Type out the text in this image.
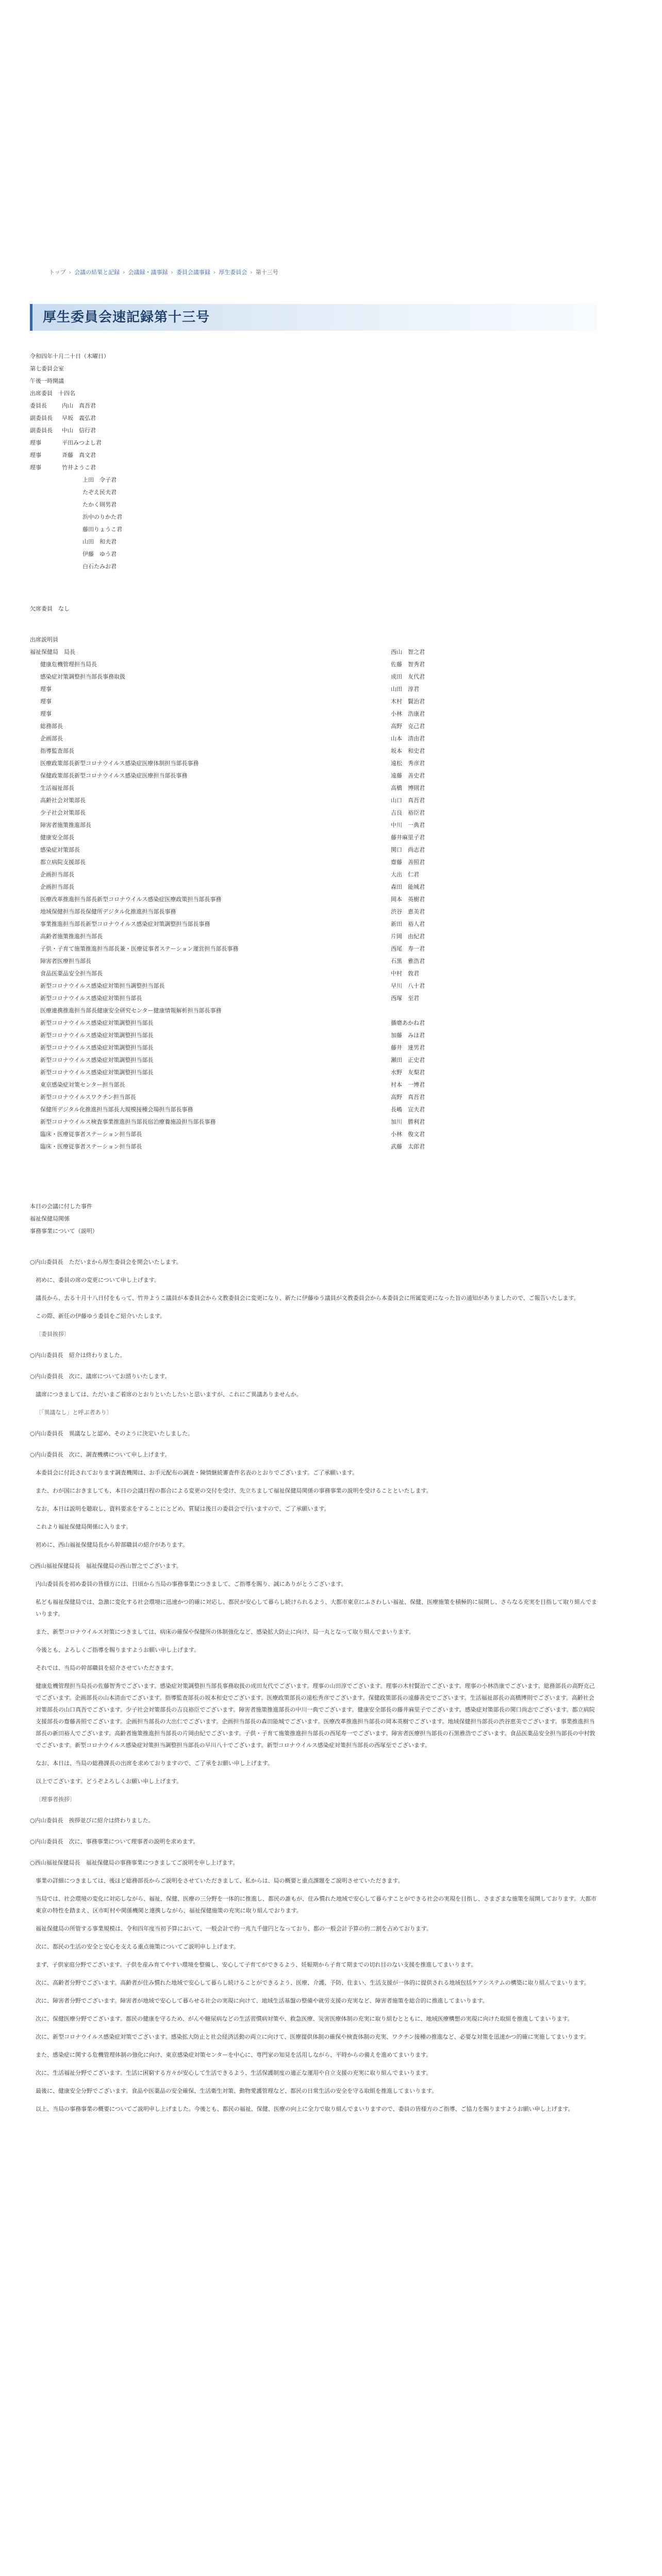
トップ › 会議の結果と記録 › 会議録・議事録 › 委員会議事録 › 厚生委員会 › 第十三号
厚生委員会速記録第十三号
令和四年十月二十日（木曜日）
第七委員会室
午後一時開議
出席委員　十四名
委員長	内山　真吾君
副委員長	早坂　義弘君
副委員長	中山　信行君
理事	平田みつよし君
理事	斉藤　真文君
理事	竹井ようこ君
上田　令子君
たぞえ民夫君
たかく則男君
浜中のりかた君
藤田りょうこ君
山田　和夫君
伊藤　ゆう君
白石たみお君
欠席委員　なし
出席説明員
福祉保健局　局長	西山　智之君
健康危機管理担当局長	佐藤　智秀君
感染症対策調整担当部長事務取扱	成田　友代君
理事	山田　淳君
理事	木村　賢治君
理事	小林　浩康君
総務部長	高野　克己君
企画部長	山本　清由君
指導監査部長	坂本　和史君
医療政策部長新型コロナウイルス感染症医療体制担当部長事務	遠松　秀彦君
保健政策部長新型コロナウイルス感染症医療担当部長事務	遠藤　善史君
生活福祉部長	高橋　博則君
高齢社会対策部長	山口　真吾君
少子社会対策部長	吉良　裕臣君
障害者施策推進部長	中川　一典君
健康安全部長	藤井麻里子君
感染症対策部長	関口　尚志君
都立病院支援部長	齋藤　善照君
企画担当部長	大出　仁君
企画担当部長	森田　能城君
医療改革推進担当部長新型コロナウイルス感染症医療政策担当部長事務	岡本　英樹君
地域保健担当部長保健所デジタル化推進担当部長事務	渋谷　恵美君
事業推進担当部長新型コロナウイルス感染症対策調整担当部長事務	新田　裕人君
高齢者施策推進担当部長	片岡　由紀君
子供・子育て施策推進担当部長兼・医療従事者ステーション運営担当部長事務	西尾　寿一君
障害者医療担当部長	石黒　雅浩君
食品医薬品安全担当部長	中村　敦君
新型コロナウイルス感染症対策担当調整担当部長	早川　八十君
新型コロナウイルス感染症対策担当部長	西塚　至君
医療連携推進担当部長健康安全研究センター健康情報解析担当部長事務
新型コロナウイルス感染症対策調整担当部長	播磨あかね君
新型コロナウイルス感染症対策調整担当部長	加藤　みほ君
新型コロナウイルス感染症対策調整担当部長	藤井　達男君
新型コロナウイルス感染症対策調整担当部長	瀬田　正史君
新型コロナウイルス感染症対策調整担当部長	水野　友梨君
東京感染症対策センター担当部長	村本　一博君
新型コロナウイルスワクチン担当部長	高野　真吾君
保健所デジタル化推進担当部長大規模接種会場担当部長事務	長嶋　宣夫君
新型コロナウイルス検査事業推進担当部長宿泊療養施設担当部長事務	加川　勝利君
臨床・医療従事者ステーション担当部長	小林　俊文君
臨床・医療従事者ステーション担当部長	武藤　太郎君
本日の会議に付した事件
福祉保健局関係
事務事業について（説明）

○内山委員長　ただいまから厚生委員会を開会いたします。

初めに、委員の席の変更について申し上げます。

議長から、去る十月十八日付をもって、竹井ようこ議員が本委員会から文教委員会に変更になり、新たに伊藤ゆう議員が文教委員会から本委員会に所属変更になった旨の通知がありましたので、ご報告いたします。

この際、新任の伊藤ゆう委員をご紹介いたします。

〔委員挨拶〕

○内山委員長　紹介は終わりました。

○内山委員長　次に、議席についてお諮りいたします。

議席につきましては、ただいまご着席のとおりといたしたいと思いますが、これにご異議ありませんか。

〔「異議なし」と呼ぶ者あり〕

○内山委員長　異議なしと認め、そのように決定いたしました。

○内山委員長　次に、調査機構について申し上げます。

本委員会に付託されております調査機関は、お手元配布の調査・陳情継続審査件名表のとおりでございます。ご了承願います。

また、わが国におきましても、本日の会議日程の都合による変更の交付を受け、先立ちまして福祉保健局関係の事務事業の説明を受けることといたします。

なお、本日は説明を聴取し、資料要求をすることにとどめ、質疑は後日の委員会で行いますので、ご了承願います。

これより福祉保健局関係に入ります。

初めに、西山福祉保健局長から幹部職員の紹介があります。

○西山福祉保健局長　福祉保健局の西山智之でございます。

内山委員長を初め委員の皆様方には、日頃から当局の事務事業につきまして、ご指導を賜り、誠にありがとうございます。

私ども福祉保健局では、急激に変化する社会環境に迅速かつ的確に対応し、都民が安心して暮らし続けられるよう、大都市東京にふさわしい福祉、保健、医療施策を積極的に展開し、さらなる充実を目指して取り組んでまいります。

また、新型コロナウイルス対策につきましては、病床の確保や保健所の体制強化など、感染拡大防止に向け、局一丸となって取り組んでまいります。

今後とも、よろしくご指導を賜りますようお願い申し上げます。

それでは、当局の幹部職員を紹介させていただきます。

健康危機管理担当局長の佐藤智秀でございます。感染症対策調整担当部長事務取扱の成田友代でございます。理事の山田淳でございます。理事の木村賢治でございます。理事の小林浩康でございます。総務部長の高野克己でございます。企画部長の山本清由でございます。指導監査部長の坂本和史でございます。医療政策部長の遠松秀彦でございます。保健政策部長の遠藤善史でございます。生活福祉部長の高橋博則でございます。高齢社会対策部長の山口真吾でございます。少子社会対策部長の吉良裕臣でございます。障害者施策推進部長の中川一典でございます。健康安全部長の藤井麻里子でございます。感染症対策部長の関口尚志でございます。都立病院支援部長の齋藤善照でございます。企画担当部長の大出仁でございます。企画担当部長の森田能城でございます。医療改革推進担当部長の岡本英樹でございます。地域保健担当部長の渋谷恵美でございます。事業推進担当部長の新田裕人でございます。高齢者施策推進担当部長の片岡由紀でございます。子供・子育て施策推進担当部長の西尾寿一でございます。障害者医療担当部長の石黒雅浩でございます。食品医薬品安全担当部長の中村敦でございます。新型コロナウイルス感染症対策担当調整担当部長の早川八十でございます。新型コロナウイルス感染症対策担当部長の西塚至でございます。

なお、本日は、当局の総務課長の出席を求めておりますので、ご了承をお願い申し上げます。

以上でございます。どうぞよろしくお願い申し上げます。

〔理事者挨拶〕

○内山委員長　挨拶並びに紹介は終わりました。

○内山委員長　次に、事務事業について理事者の説明を求めます。

○西山福祉保健局長　福祉保健局の事務事業につきましてご説明を申し上げます。

事業の詳細につきましては、後ほど総務部長からご説明をさせていただきまして、私からは、局の概要と重点課題をご説明させていただきます。

当局では、社会環境の変化に対応しながら、福祉、保健、医療の三分野を一体的に推進し、都民の誰もが、住み慣れた地域で安心して暮らすことができる社会の実現を目指し、さまざまな施策を展開しております。大都市東京の特性を踏まえ、区市町村や関係機関と連携しながら、福祉保健施策の充実に取り組んでおります。

福祉保健局の所管する事業規模は、令和四年度当初予算において、一般会計で約一兆九千億円となっており、都の一般会計予算の約二割を占めております。

次に、都民の生活の安全と安心を支える重点施策についてご説明申し上げます。

まず、子供家庭分野でございます。子供を産み育てやすい環境を整備し、安心して子育てができるよう、妊娠期から子育て期までの切れ目のない支援を推進してまいります。

次に、高齢者分野でございます。高齢者が住み慣れた地域で安心して暮らし続けることができるよう、医療、介護、予防、住まい、生活支援が一体的に提供される地域包括ケアシステムの構築に取り組んでまいります。

次に、障害者分野でございます。障害者が地域で安心して暮らせる社会の実現に向けて、地域生活基盤の整備や就労支援の充実など、障害者施策を総合的に推進してまいります。

次に、保健医療分野でございます。都民の健康を守るため、がんや糖尿病などの生活習慣病対策や、救急医療、災害医療体制の充実に取り組むとともに、地域医療構想の実現に向けた取組を推進してまいります。

次に、新型コロナウイルス感染症対策でございます。感染拡大防止と社会経済活動の両立に向けて、医療提供体制の確保や検査体制の充実、ワクチン接種の推進など、必要な対策を迅速かつ的確に実施してまいります。

また、感染症に関する危機管理体制の強化に向け、東京感染症対策センターを中心に、専門家の知見を活用しながら、平時からの備えを進めてまいります。

次に、生活福祉分野でございます。生活に困窮する方々が安心して生活できるよう、生活保護制度の適正な運用や自立支援の充実に取り組んでまいります。

最後に、健康安全分野でございます。食品や医薬品の安全確保、生活衛生対策、動物愛護管理など、都民の日常生活の安全を守る取組を推進してまいります。

以上、当局の事務事業の概要についてご説明申し上げました。今後とも、都民の福祉、保健、医療の向上に全力で取り組んでまいりますので、委員の皆様方のご指導、ご協力を賜りますようお願い申し上げます。
